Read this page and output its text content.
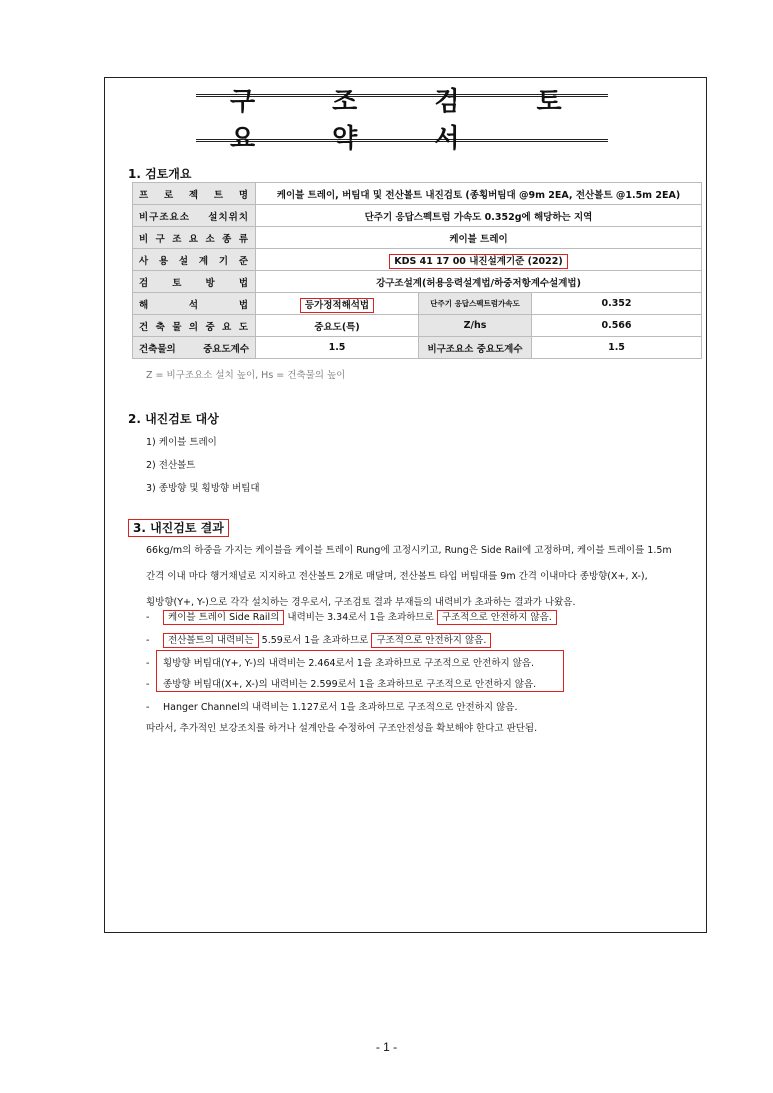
구 조 검 토 요 약 서
1. 검토개요
프 로 젝 트 명	케이블 트레이, 버팀대 및 전산볼트 내진검토 (종횡버팀대 @9m 2EA, 전산볼트 @1.5m 2EA)		
비구조요소 설치위치	단주기 응답스펙트럼 가속도 0.352g에 해당하는 지역		
비 구 조 요 소 종 류	케이블 트레이		
사 용 설 계 기 준	KDS 41 17 00 내진설계기준 (2022)		
검 토 방 법	강구조설계(허용응력설계법/하중저항계수설계법)		
해 석 법	등가정적해석법	단주기 응답스펙트럼가속도	0.352
건 축 물 의 중 요 도	중요도(특)	Z/hs	0.566
건축물의 중요도계수	1.5	비구조요소 중요도계수	1.5
Z = 비구조요소 설치 높이, Hs = 건축물의 높이
2. 내진검토 대상
1) 케이블 트레이
2) 전산볼트
3) 종방향 및 횡방향 버팀대
3. 내진검토 결과
66kg/m의 하중을 가지는 케이블을 케이블 트레이 Rung에 고정시키고, Rung은 Side Rail에 고정하며, 케이블 트레이를 1.5m
간격 이내 마다 행거채널로 지지하고 전산볼트 2개로 매달며, 전산볼트 타입 버팀대를 9m 간격 이내마다 종방향(X+, X-),
횡방향(Y+, Y-)으로 각각 설치하는 경우로서, 구조검토 결과 부재들의 내력비가 초과하는 결과가 나왔음.
- 케이블 트레이 Side Rail의 내력비는 3.34로서 1을 초과하므로 구조적으로 안전하지 않음.
- 전산볼트의 내력비는 5.59로서 1을 초과하므로 구조적으로 안전하지 않음.
- 횡방향 버팀대(Y+, Y-)의 내력비는 2.464로서 1을 초과하므로 구조적으로 안전하지 않음.
- 종방향 버팀대(X+, X-)의 내력비는 2.599로서 1을 초과하므로 구조적으로 안전하지 않음.
- Hanger Channel의 내력비는 1.127로서 1을 초과하므로 구조적으로 안전하지 않음.
따라서, 추가적인 보강조치를 하거나 설계안을 수정하여 구조안전성을 확보해야 한다고 판단됨.
- 1 -
